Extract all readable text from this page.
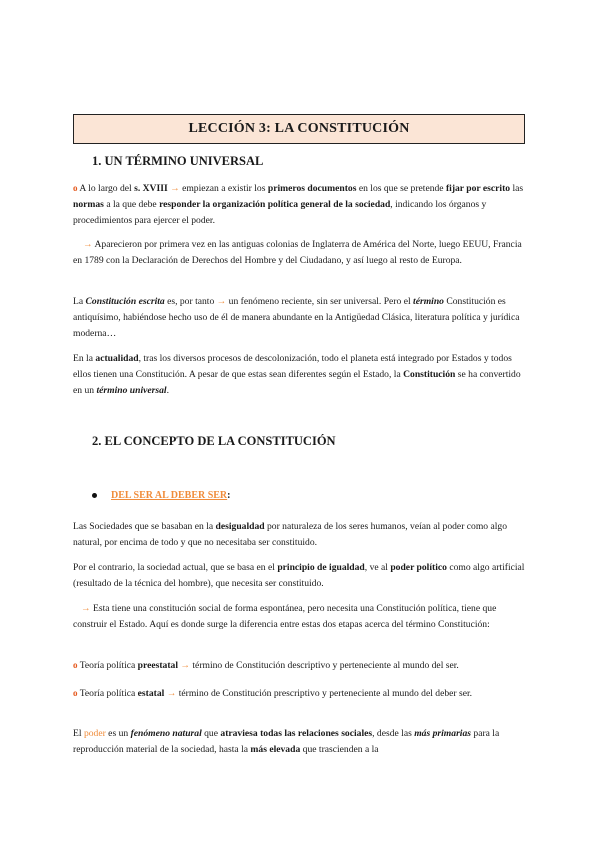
LECCIÓN 3: LA CONSTITUCIÓN
1. UN TÉRMINO UNIVERSAL
o A lo largo del s. XVIII → empiezan a existir los primeros documentos en los que se pretende fijar por escrito las normas a la que debe responder la organización política general de la sociedad, indicando los órganos y procedimientos para ejercer el poder.
→ Aparecieron por primera vez en las antiguas colonias de Inglaterra de América del Norte, luego EEUU, Francia en 1789 con la Declaración de Derechos del Hombre y del Ciudadano, y así luego al resto de Europa.
La Constitución escrita es, por tanto → un fenómeno reciente, sin ser universal. Pero el término Constitución es antiquísimo, habiéndose hecho uso de él de manera abundante en la Antigüedad Clásica, literatura política y jurídica moderna…
En la actualidad, tras los diversos procesos de descolonización, todo el planeta está integrado por Estados y todos ellos tienen una Constitución. A pesar de que estas sean diferentes según el Estado, la Constitución se ha convertido en un término universal.
2. EL CONCEPTO DE LA CONSTITUCIÓN
DEL SER AL DEBER SER:
Las Sociedades que se basaban en la desigualdad por naturaleza de los seres humanos, veían al poder como algo natural, por encima de todo y que no necesitaba ser constituido.
Por el contrario, la sociedad actual, que se basa en el principio de igualdad, ve al poder político como algo artificial (resultado de la técnica del hombre), que necesita ser constituido.
→ Esta tiene una constitución social de forma espontánea, pero necesita una Constitución política, tiene que construir el Estado. Aquí es donde surge la diferencia entre estas dos etapas acerca del término Constitución:
o Teoría política preestatal → término de Constitución descriptivo y perteneciente al mundo del ser.
o Teoría política estatal → término de Constitución prescriptivo y perteneciente al mundo del deber ser.
El poder es un fenómeno natural que atraviesa todas las relaciones sociales, desde las más primarias para la reproducción material de la sociedad, hasta la más elevada que trascienden a la
